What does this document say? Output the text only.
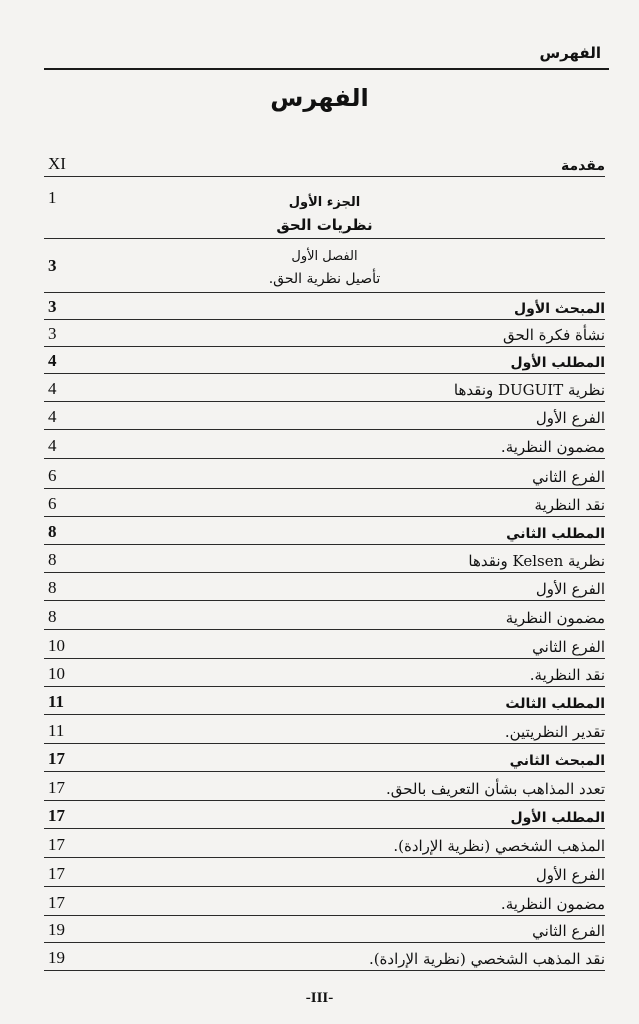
الفهرس
الفهرس
مقدمة
XI
الجزء الأول
نظريات الحق
1
الفصل الأول
تأصيل نظرية الحق.
3
المبحث الأول
3
نشأة فكرة الحق
3
المطلب الأول
4
نظرية DUGUIT ونقدها
4
الفرع الأول
4
مضمون النظرية.
4
الفرع الثاني
6
نقد النظرية
6
المطلب الثاني
8
نظرية Kelsen ونقدها
8
الفرع الأول
8
مضمون النظرية
8
الفرع الثاني
10
نقد النظرية.
10
المطلب الثالث
11
تقدير النظريتين.
11
المبحث الثاني
17
تعدد المذاهب بشأن التعريف بالحق.
17
المطلب الأول
17
المذهب الشخصي (نظرية الإرادة).
17
الفرع الأول
17
مضمون النظرية.
17
الفرع الثاني
19
نقد المذهب الشخصي (نظرية الإرادة).
19
-III-
